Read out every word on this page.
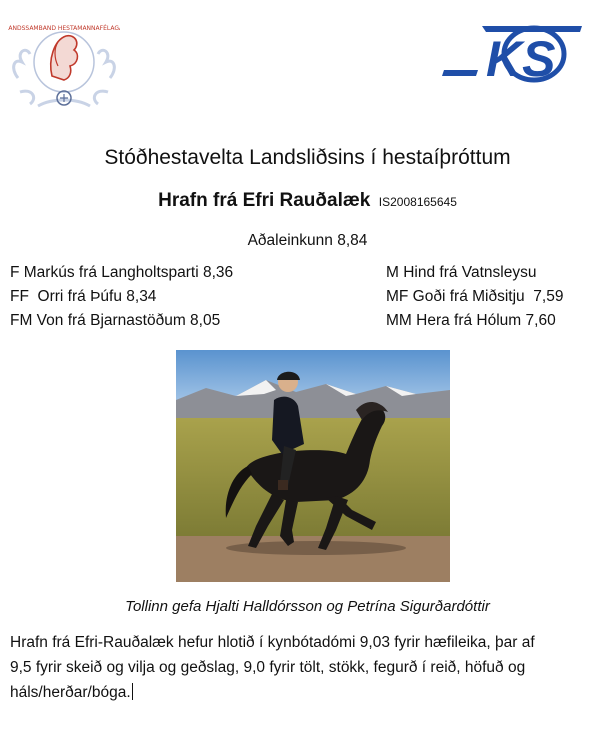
LANDSSAMBAND HESTAMANNAFÉLAGA
KS
Stóðhestavelta Landsliðsins í hestaíþróttum
Hrafn frá Efri Rauðalæk IS2008165645
Aðaleinkunn 8,84
F Markús frá Langholtsparti 8,36
FF  Orri frá Þúfu 8,34
FM Von frá Bjarnastöðum 8,05
M Hind frá Vatnsleysu
MF Goði frá Miðsitju  7,59
MM Hera frá Hólum 7,60
Tollinn gefa Hjalti Halldórsson og Petrína Sigurðardóttir
Hrafn frá Efri-Rauðalæk hefur hlotið í kynbótadómi 9,03 fyrir hæfileika, þar af
9,5 fyrir skeið og vilja og geðslag, 9,0 fyrir tölt, stökk, fegurð í reið, höfuð og
háls/herðar/bóga.
